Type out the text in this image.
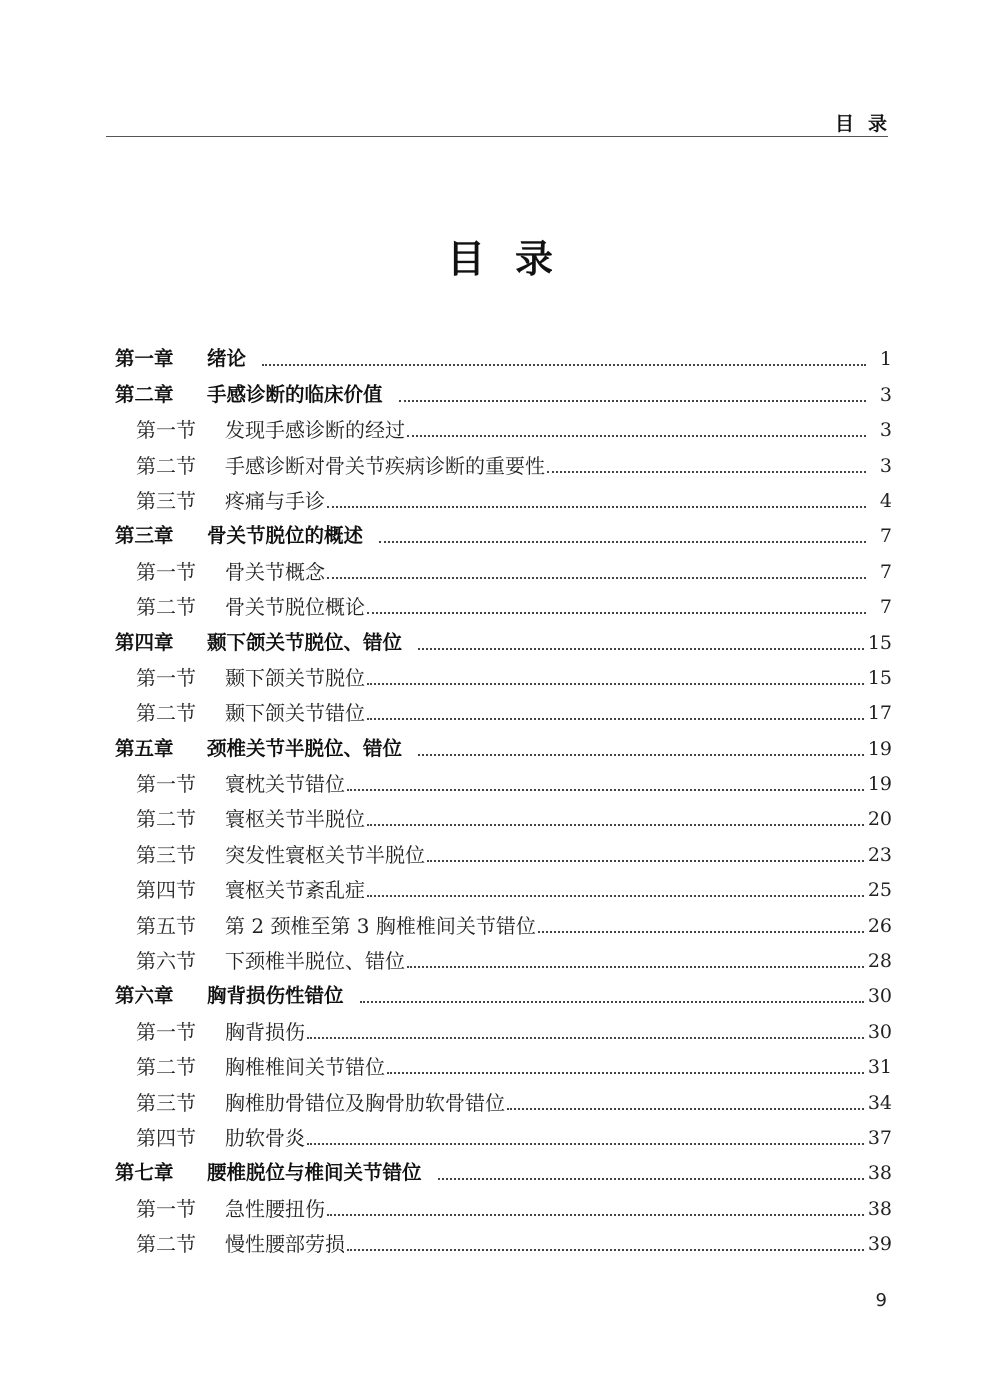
目录
目录
第一章	绪论	1
第二章	手感诊断的临床价值	3
第一节	发现手感诊断的经过	3
第二节	手感诊断对骨关节疾病诊断的重要性	3
第三节	疼痛与手诊	4
第三章	骨关节脱位的概述	7
第一节	骨关节概念	7
第二节	骨关节脱位概论	7
第四章	颞下颌关节脱位、错位	15
第一节	颞下颌关节脱位	15
第二节	颞下颌关节错位	17
第五章	颈椎关节半脱位、错位	19
第一节	寰枕关节错位	19
第二节	寰枢关节半脱位	20
第三节	突发性寰枢关节半脱位	23
第四节	寰枢关节紊乱症	25
第五节	第 2 颈椎至第 3 胸椎椎间关节错位	26
第六节	下颈椎半脱位、错位	28
第六章	胸背损伤性错位	30
第一节	胸背损伤	30
第二节	胸椎椎间关节错位	31
第三节	胸椎肋骨错位及胸骨肋软骨错位	34
第四节	肋软骨炎	37
第七章	腰椎脱位与椎间关节错位	38
第一节	急性腰扭伤	38
第二节	慢性腰部劳损	39
9
